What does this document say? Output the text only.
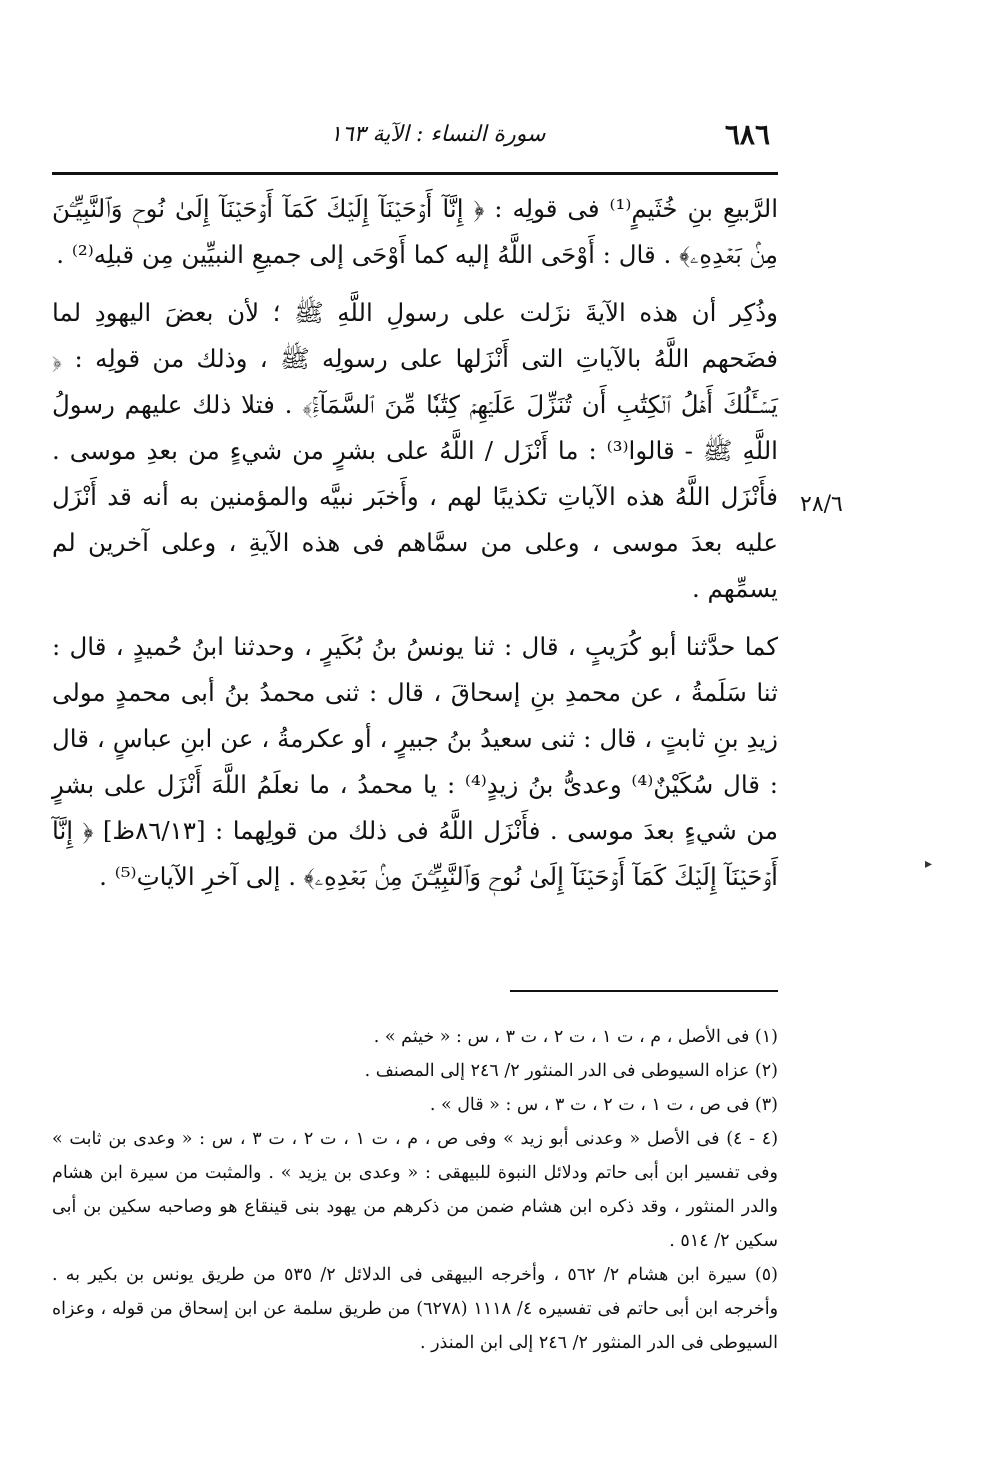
٦٨٦
سورة النساء : الآية ١٦٣
٢٨/٦

الرَّبيعِ بنِ خُثَيمٍ⁽¹⁾ فى قولِه : ﴿ إِنَّآ أَوۡحَيۡنَآ إِلَيۡكَ كَمَآ أَوۡحَيۡنَآ إِلَىٰ نُوحٖ وَٱلنَّبِيِّـۧنَ مِنۢ بَعۡدِهِۦ﴾ . قال : أَوْحَى اللَّهُ إليه كما أَوْحَى إلى جميعِ النبيِّين مِن قبلِه⁽²⁾ .

وذُكِر أن هذه الآيةَ نزَلت على رسولِ اللَّهِ ﷺ ؛ لأن بعضَ اليهودِ لما فضَحهم اللَّهُ بالآياتِ التى أَنْزَلها على رسولِه ﷺ ، وذلك من قولِه : ﴿ يَسۡـَٔلُكَ أَهۡلُ ٱلۡكِتَٰبِ أَن تُنَزِّلَ عَلَيۡهِمۡ كِتَٰبٗا مِّنَ ٱلسَّمَآءِۚ﴾ . فتلا ذلك عليهم رسولُ اللَّهِ ﷺ - قالوا⁽³⁾ : ما أَنْزَل / اللَّهُ على بشرٍ من شيءٍ من بعدِ موسى . فأَنْزَل اللَّهُ هذه الآياتِ تكذيبًا لهم ، وأَخبَر نبيَّه والمؤمنين به أنه قد أَنْزَل عليه بعدَ موسى ، وعلى من سمَّاهم فى هذه الآيةِ ، وعلى آخرين لم يسمِّهم .

كما حدَّثنا أبو كُرَيبٍ ، قال : ثنا يونسُ بنُ بُكَيرٍ ، وحدثنا ابنُ حُميدٍ ، قال : ثنا سَلَمةُ ، عن محمدِ بنِ إسحاقَ ، قال : ثنى محمدُ بنُ أبى محمدٍ مولى زيدِ بنِ ثابتٍ ، قال : ثنى سعيدُ بنُ جبيرٍ ، أو عكرمةُ ، عن ابنِ عباسٍ ، قال : قال سُكَيْنٌ⁽⁴⁾ وعدىُّ بنُ زيدٍ⁽⁴⁾ : يا محمدُ ، ما نعلَمُ اللَّهَ أَنْزَل على بشرٍ من شيءٍ بعدَ موسى . فأَنْزَل اللَّهُ فى ذلك من قولِهما : [٨٦/١٣ظ] ﴿ إِنَّآ أَوۡحَيۡنَآ إِلَيۡكَ كَمَآ أَوۡحَيۡنَآ إِلَىٰ نُوحٖ وَٱلنَّبِيِّـۧنَ مِنۢ بَعۡدِهِۦ﴾ . إلى آخرِ الآياتِ⁽⁵⁾ .

(١) فى الأصل ، م ، ت ١ ، ت ٢ ، ت ٣ ، س : « خيثم » .

(٢) عزاه السيوطى فى الدر المنثور ٢/ ٢٤٦ إلى المصنف .

(٣) فى ص ، ت ١ ، ت ٢ ، ت ٣ ، س : « قال » .

(٤ - ٤) فى الأصل « وعدنى أبو زيد » وفى ص ، م ، ت ١ ، ت ٢ ، ت ٣ ، س : « وعدى بن ثابت » وفى تفسير ابن أبى حاتم ودلائل النبوة للبيهقى : « وعدى بن يزيد » . والمثبت من سيرة ابن هشام والدر المنثور ، وقد ذكره ابن هشام ضمن من ذكرهم من يهود بنى قينقاع هو وصاحبه سكين بن أبى سكين ٢/ ٥١٤ .

(٥) سيرة ابن هشام ٢/ ٥٦٢ ، وأخرجه البيهقى فى الدلائل ٢/ ٥٣٥ من طريق يونس بن بكير به . وأخرجه ابن أبى حاتم فى تفسيره ٤/ ١١١٨ (٦٢٧٨) من طريق سلمة عن ابن إسحاق من قوله ، وعزاه السيوطى فى الدر المنثور ٢/ ٢٤٦ إلى ابن المنذر .

▸
